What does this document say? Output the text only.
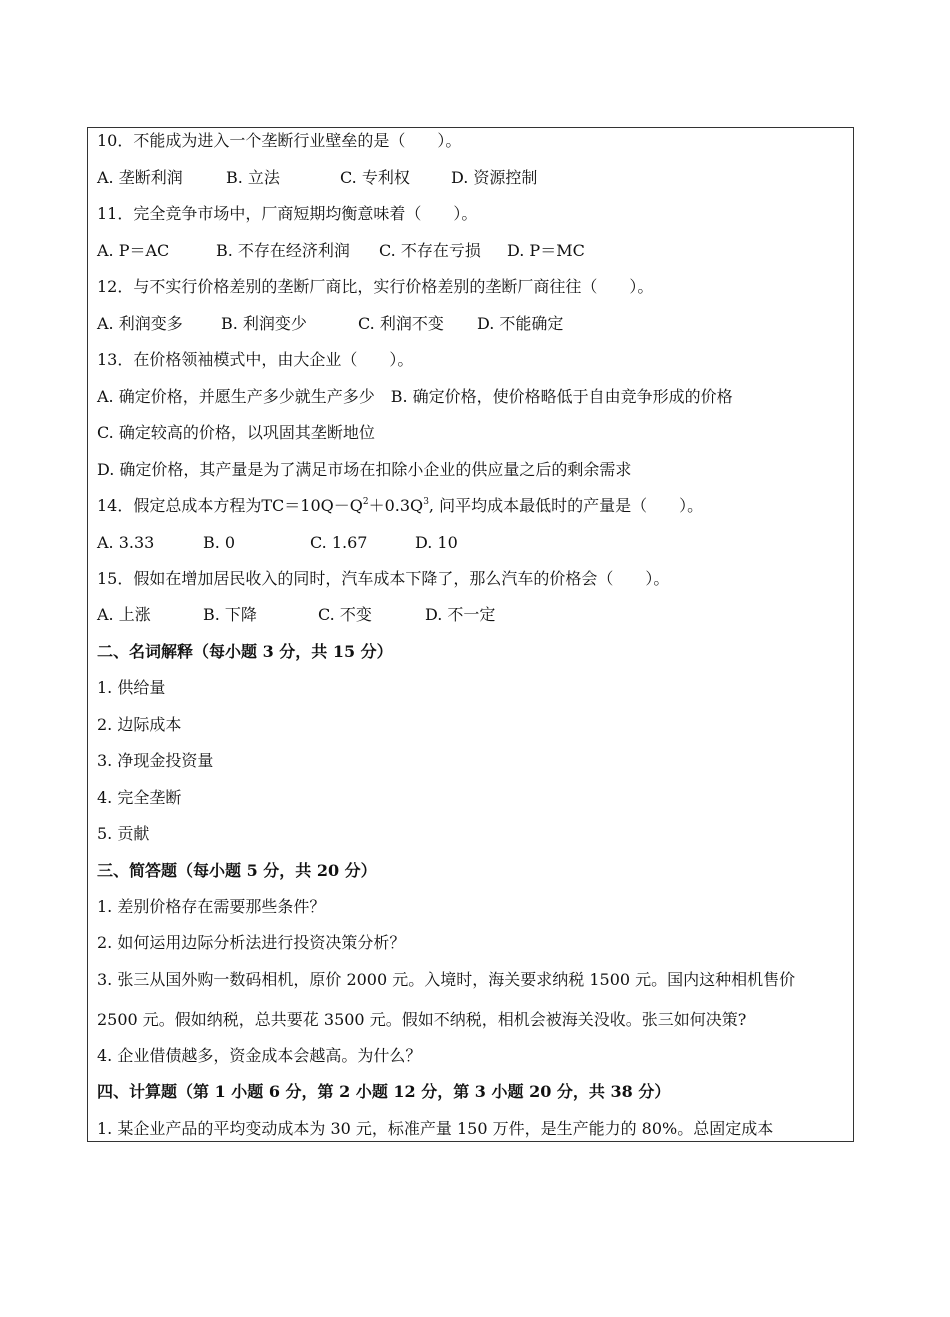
10．不能成为进入一个垄断行业壁垒的是（　　）。
A. 垄断利润	B. 立法	C. 专利权	D. 资源控制
11．完全竞争市场中，厂商短期均衡意味着（　　）。
A. P＝AC	B. 不存在经济利润 C. 不存在亏损 D. P＝MC
12．与不实行价格差别的垄断厂商比，实行价格差别的垄断厂商往往（　　）。
A. 利润变多 B. 利润变少	C. 利润不变 D. 不能确定
13．在价格领袖模式中，由大企业（　　）。
A. 确定价格，并愿生产多少就生产多少　B. 确定价格，使价格略低于自由竞争形成的价格
C. 确定较高的价格，以巩固其垄断地位
D. 确定价格，其产量是为了满足市场在扣除小企业的供应量之后的剩余需求
14．假定总成本方程为$TC=10Q-Q^2+0.3Q^3$, 问平均成本最低时的产量是（　　）。
A. 3.33	B. 0	C. 1.67	D. 10
15．假如在增加居民收入的同时，汽车成本下降了，那么汽车的价格会（　　）。
A. 上涨	B. 下降	C. 不变	D. 不一定
二、名词解释（每小题 3 分，共 15 分）
1. 供给量
2. 边际成本
3. 净现金投资量
4. 完全垄断
5. 贡献
三、简答题（每小题 5 分，共 20 分）
1. 差别价格存在需要那些条件？
2. 如何运用边际分析法进行投资决策分析？
3. 张三从国外购一数码相机，原价 2000 元。入境时，海关要求纳税 1500 元。国内这种相机售价
2500 元。假如纳税，总共要花 3500 元。假如不纳税，相机会被海关没收。张三如何决策?
4. 企业借债越多，资金成本会越高。为什么？
四、计算题（第 1 小题 6 分，第 2 小题 12 分，第 3 小题 20 分，共 38 分）
1. 某企业产品的平均变动成本为 30 元，标准产量 150 万件，是生产能力的 80%。总固定成本
